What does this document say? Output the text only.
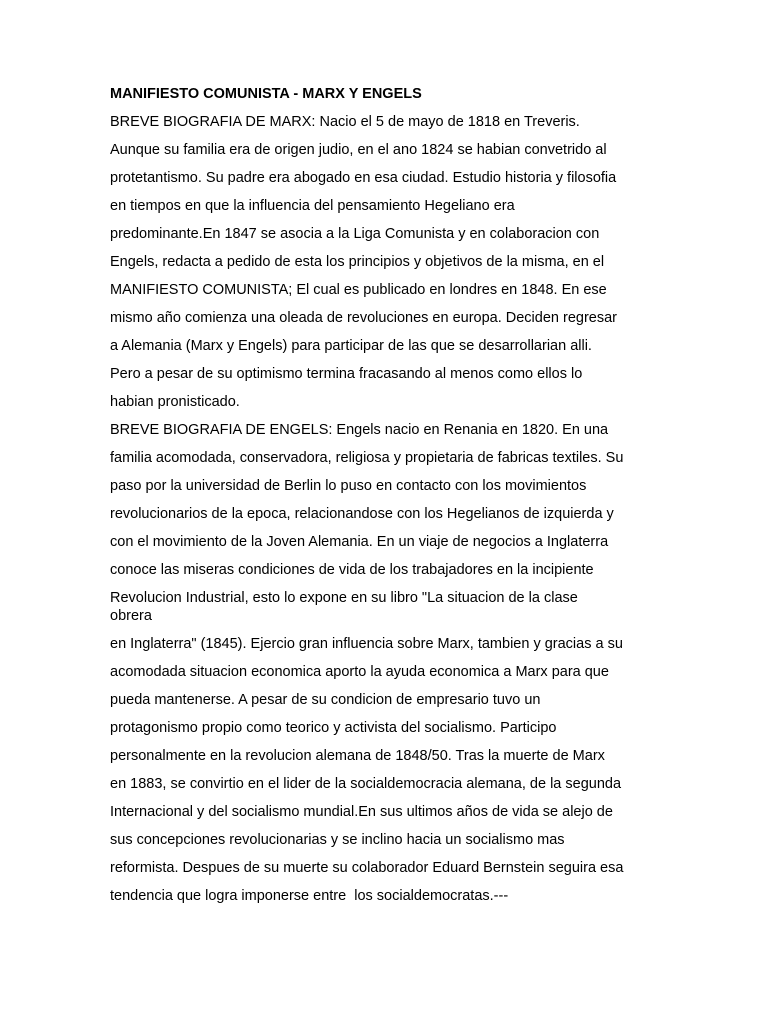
MANIFIESTO COMUNISTA - MARX Y ENGELS
BREVE BIOGRAFIA DE MARX: Nacio el 5 de mayo de 1818 en Treveris.
Aunque su familia era de origen judio, en el ano 1824 se habian convetrido al
protetantismo. Su padre era abogado en esa ciudad. Estudio historia y filosofia
en tiempos en que la influencia del pensamiento Hegeliano era
predominante.En 1847 se asocia a la Liga Comunista y en colaboracion con
Engels, redacta a pedido de esta los principios y objetivos de la misma, en el
MANIFIESTO COMUNISTA; El cual es publicado en londres en 1848. En ese
mismo año comienza una oleada de revoluciones en europa. Deciden regresar
a Alemania (Marx y Engels) para participar de las que se desarrollarian alli.
Pero a pesar de su optimismo termina fracasando al menos como ellos lo
habian pronisticado.
BREVE BIOGRAFIA DE ENGELS: Engels nacio en Renania en 1820. En una
familia acomodada, conservadora, religiosa y propietaria de fabricas textiles. Su
paso por la universidad de Berlin lo puso en contacto con los movimientos
revolucionarios de la epoca, relacionandose con los Hegelianos de izquierda y
con el movimiento de la Joven Alemania. En un viaje de negocios a Inglaterra
conoce las miseras condiciones de vida de los trabajadores en la incipiente
Revolucion Industrial, esto lo expone en su libro "La situacion de la clase
obrera
en Inglaterra" (1845). Ejercio gran influencia sobre Marx, tambien y gracias a su
acomodada situacion economica aporto la ayuda economica a Marx para que
pueda mantenerse. A pesar de su condicion de empresario tuvo un
protagonismo propio como teorico y activista del socialismo. Participo
personalmente en la revolucion alemana de 1848/50. Tras la muerte de Marx
en 1883, se convirtio en el lider de la socialdemocracia alemana, de la segunda
Internacional y del socialismo mundial.En sus ultimos años de vida se alejo de
sus concepciones revolucionarias y se inclino hacia un socialismo mas
reformista. Despues de su muerte su colaborador Eduard Bernstein seguira esa
tendencia que logra imponerse entre  los socialdemocratas.---
